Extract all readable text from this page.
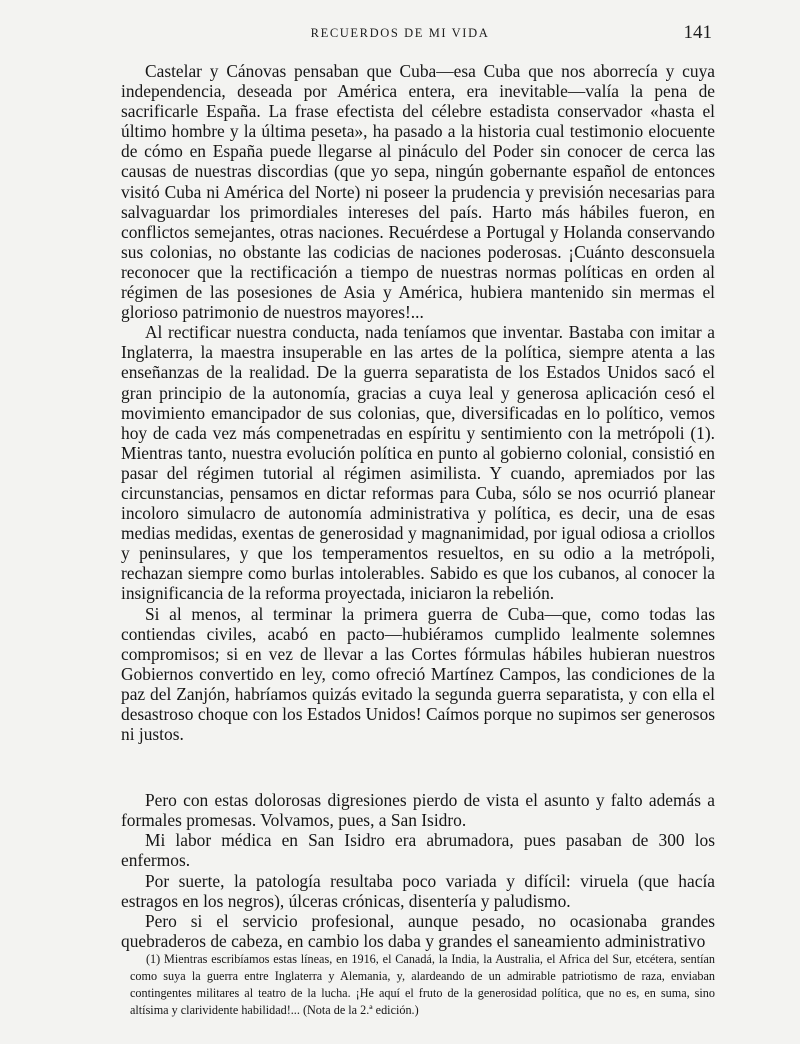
RECUERDOS DE MI VIDA	141

Castelar y Cánovas pensaban que Cuba—esa Cuba que nos aborrecía y cuya independencia, deseada por América entera, era inevitable—valía la pena de sacrificarle España. La frase efectista del célebre estadista conservador «hasta el último hombre y la última peseta», ha pasado a la historia cual testimonio elocuente de cómo en España puede llegarse al pináculo del Poder sin conocer de cerca las causas de nuestras discordias (que yo sepa, ningún gobernante español de entonces visitó Cuba ni América del Norte) ni poseer la prudencia y previsión necesarias para salvaguardar los primordiales intereses del país. Harto más hábiles fueron, en conflictos semejantes, otras naciones. Recuérdese a Portugal y Holanda conservando sus colonias, no obstante las codicias de naciones poderosas. ¡Cuánto desconsuela reconocer que la rectificación a tiempo de nuestras normas políticas en orden al régimen de las posesiones de Asia y América, hubiera mantenido sin mermas el glorioso patrimonio de nuestros mayores!...

Al rectificar nuestra conducta, nada teníamos que inventar. Bastaba con imitar a Inglaterra, la maestra insuperable en las artes de la política, siempre atenta a las enseñanzas de la realidad. De la guerra separatista de los Estados Unidos sacó el gran principio de la autonomía, gracias a cuya leal y generosa aplicación cesó el movimiento emancipador de sus colonias, que, diversificadas en lo político, vemos hoy de cada vez más compenetradas en espíritu y sentimiento con la metrópoli (1). Mientras tanto, nuestra evolución política en punto al gobierno colonial, consistió en pasar del régimen tutorial al régimen asimilista. Y cuando, apremiados por las circunstancias, pensamos en dictar reformas para Cuba, sólo se nos ocurrió planear incoloro simulacro de autonomía administrativa y política, es decir, una de esas medias medidas, exentas de generosidad y magnanimidad, por igual odiosa a criollos y peninsulares, y que los temperamentos resueltos, en su odio a la metrópoli, rechazan siempre como burlas intolerables. Sabido es que los cubanos, al conocer la insignificancia de la reforma proyectada, iniciaron la rebelión.

Si al menos, al terminar la primera guerra de Cuba—que, como todas las contiendas civiles, acabó en pacto—hubiéramos cumplido lealmente solemnes compromisos; si en vez de llevar a las Cortes fórmulas hábiles hubieran nuestros Gobiernos convertido en ley, como ofreció Martínez Campos, las condiciones de la paz del Zanjón, habríamos quizás evitado la segunda guerra separatista, y con ella el desastroso choque con los Estados Unidos! Caímos porque no supimos ser generosos ni justos.

Pero con estas dolorosas digresiones pierdo de vista el asunto y falto además a formales promesas. Volvamos, pues, a San Isidro.

Mi labor médica en San Isidro era abrumadora, pues pasaban de 300 los enfermos.

Por suerte, la patología resultaba poco variada y difícil: viruela (que hacía estragos en los negros), úlceras crónicas, disentería y paludismo.

Pero si el servicio profesional, aunque pesado, no ocasionaba grandes quebraderos de cabeza, en cambio los daba y grandes el saneamiento administrativo

(1) Mientras escribíamos estas líneas, en 1916, el Canadá, la India, la Australia, el Africa del Sur, etcétera, sentían como suya la guerra entre Inglaterra y Alemania, y, alardeando de un admirable patriotismo de raza, enviaban contingentes militares al teatro de la lucha. ¡He aquí el fruto de la generosidad política, que no es, en suma, sino altísima y clarividente habilidad!... (Nota de la 2.ª edición.)
